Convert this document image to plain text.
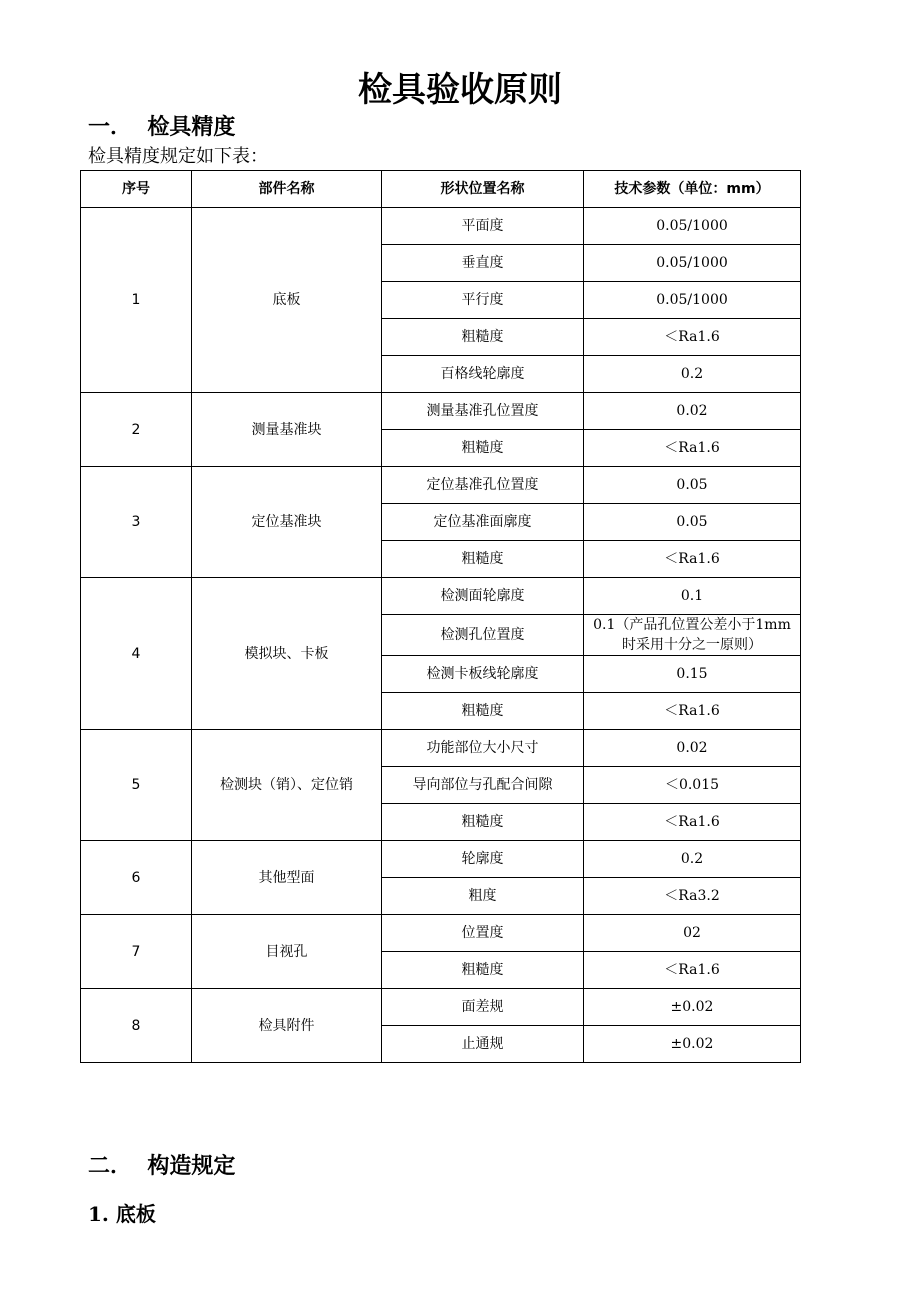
检具验收原则
一．  检具精度
检具精度规定如下表：
序号	部件名称	形状位置名称	技术参数（单位：mm）
1	底板	平面度	0.05/1000
		垂直度	0.05/1000
		平行度	0.05/1000
		粗糙度	＜Ra1.6
		百格线轮廓度	0.2
2	测量基准块	测量基准孔位置度	0.02
		粗糙度	＜Ra1.6
3	定位基准块	定位基准孔位置度	0.05
		定位基准面廓度	0.05
		粗糙度	＜Ra1.6
4	模拟块、卡板	检测面轮廓度	0.1
		检测孔位置度	0.1（产品孔位置公差小于1mm 时采用十分之一原则）
		检测卡板线轮廓度	0.15
		粗糙度	＜Ra1.6
5	检测块（销）、定位销	功能部位大小尺寸	0.02
		导向部位与孔配合间隙	＜0.015
		粗糙度	＜Ra1.6
6	其他型面	轮廓度	0.2
		粗度	＜Ra3.2
7	目视孔	位置度	02
		粗糙度	＜Ra1.6
8	检具附件	面差规	±0.02
		止通规	±0.02
二．  构造规定
1. 底板
